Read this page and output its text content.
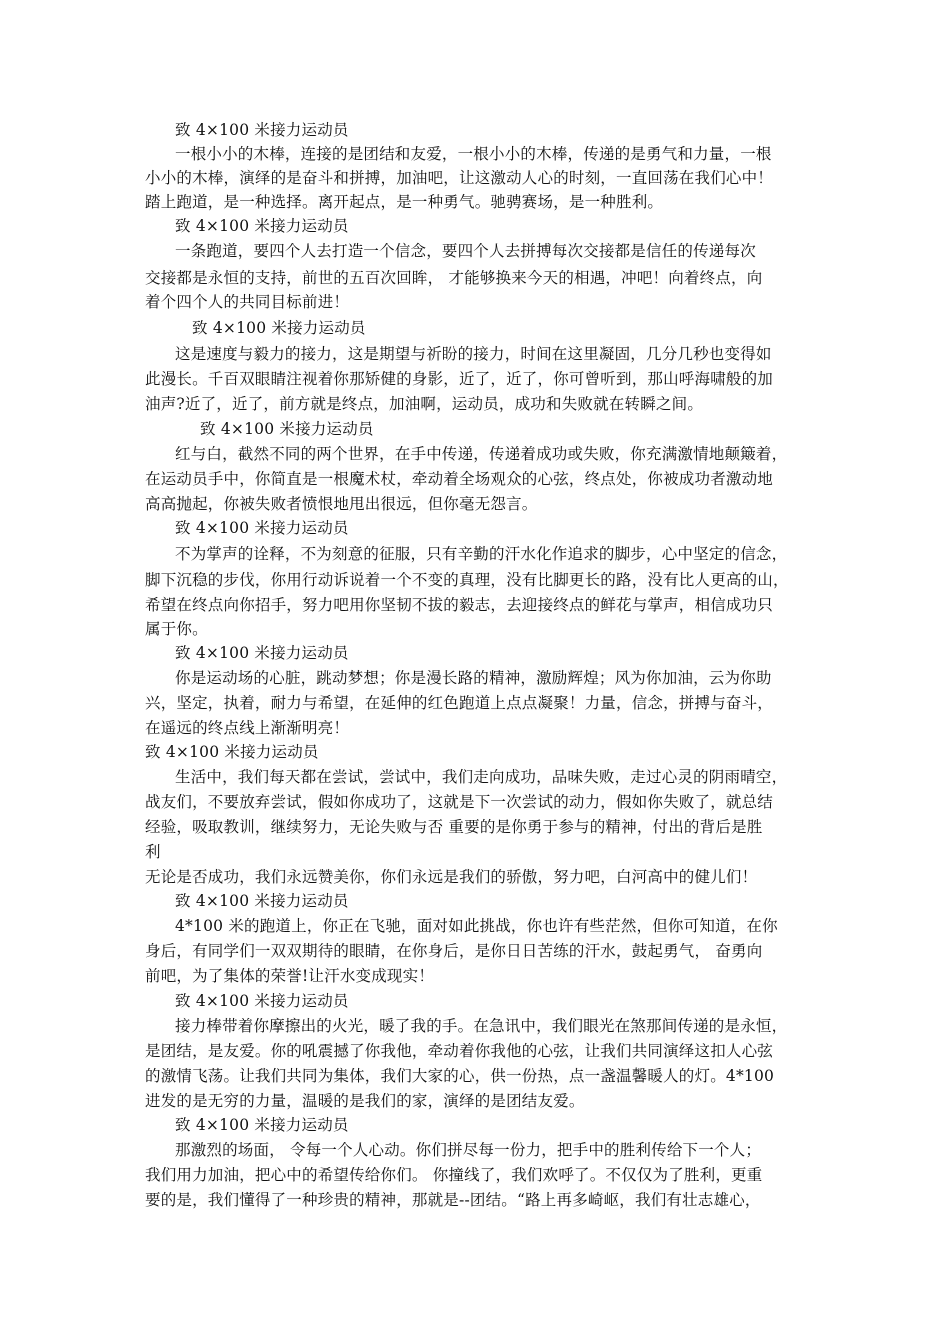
致 4×100 米接力运动员
一根小小的木棒，连接的是团结和友爱，一根小小的木棒，传递的是勇气和力量，一根
小小的木棒，演绎的是奋斗和拼搏，加油吧，让这激动人心的时刻，一直回荡在我们心中！
踏上跑道，是一种选择。离开起点，是一种勇气。驰骋赛场，是一种胜利。
致 4×100 米接力运动员
一条跑道，要四个人去打造一个信念，要四个人去拼搏每次交接都是信任的传递每次
交接都是永恒的支持，前世的五百次回眸， 才能够换来今天的相遇，冲吧！向着终点，向
着个四个人的共同目标前进！
致 4×100 米接力运动员
这是速度与毅力的接力，这是期望与祈盼的接力，时间在这里凝固，几分几秒也变得如
此漫长。千百双眼睛注视着你那矫健的身影，近了，近了，你可曾听到，那山呼海啸般的加
油声?近了，近了，前方就是终点，加油啊，运动员，成功和失败就在转瞬之间。
致 4×100 米接力运动员
红与白，截然不同的两个世界，在手中传递，传递着成功或失败，你充满激情地颠簸着，
在运动员手中，你简直是一根魔术杖，牵动着全场观众的心弦，终点处，你被成功者激动地
高高抛起，你被失败者愤恨地甩出很远，但你毫无怨言。
致 4×100 米接力运动员
不为掌声的诠释，不为刻意的征服，只有辛勤的汗水化作追求的脚步，心中坚定的信念，
脚下沉稳的步伐，你用行动诉说着一个不变的真理，没有比脚更长的路，没有比人更高的山，
希望在终点向你招手，努力吧用你坚韧不拔的毅志，去迎接终点的鲜花与掌声，相信成功只
属于你。
致 4×100 米接力运动员
你是运动场的心脏，跳动梦想；你是漫长路的精神，激励辉煌；风为你加油，云为你助
兴，坚定，执着，耐力与希望，在延伸的红色跑道上点点凝聚！力量，信念，拼搏与奋斗，
在遥远的终点线上渐渐明亮！
致 4×100 米接力运动员
生活中，我们每天都在尝试，尝试中，我们走向成功，品味失败，走过心灵的阴雨晴空，
战友们，不要放弃尝试，假如你成功了，这就是下一次尝试的动力，假如你失败了，就总结
经验，吸取教训，继续努力，无论失败与否 重要的是你勇于参与的精神，付出的背后是胜
利
无论是否成功，我们永远赞美你，你们永远是我们的骄傲，努力吧，白河高中的健儿们！
致 4×100 米接力运动员
4*100 米的跑道上，你正在飞驰，面对如此挑战，你也许有些茫然，但你可知道，在你
身后，有同学们一双双期待的眼睛，在你身后，是你日日苦练的汗水，鼓起勇气， 奋勇向
前吧，为了集体的荣誉!让汗水变成现实！
致 4×100 米接力运动员
接力棒带着你摩擦出的火光，暖了我的手。在急讯中，我们眼光在煞那间传递的是永恒，
是团结，是友爱。你的吼震撼了你我他，牵动着你我他的心弦，让我们共同演绎这扣人心弦
的激情飞荡。让我们共同为集体，我们大家的心，供一份热，点一盏温馨暖人的灯。4*100
进发的是无穷的力量，温暖的是我们的家，演绎的是团结友爱。
致 4×100 米接力运动员
那激烈的场面， 令每一个人心动。你们拼尽每一份力，把手中的胜利传给下一个人；
我们用力加油，把心中的希望传给你们。 你撞线了，我们欢呼了。不仅仅为了胜利，更重
要的是，我们懂得了一种珍贵的精神，那就是--团结。“路上再多崎岖，我们有壮志雄心，
